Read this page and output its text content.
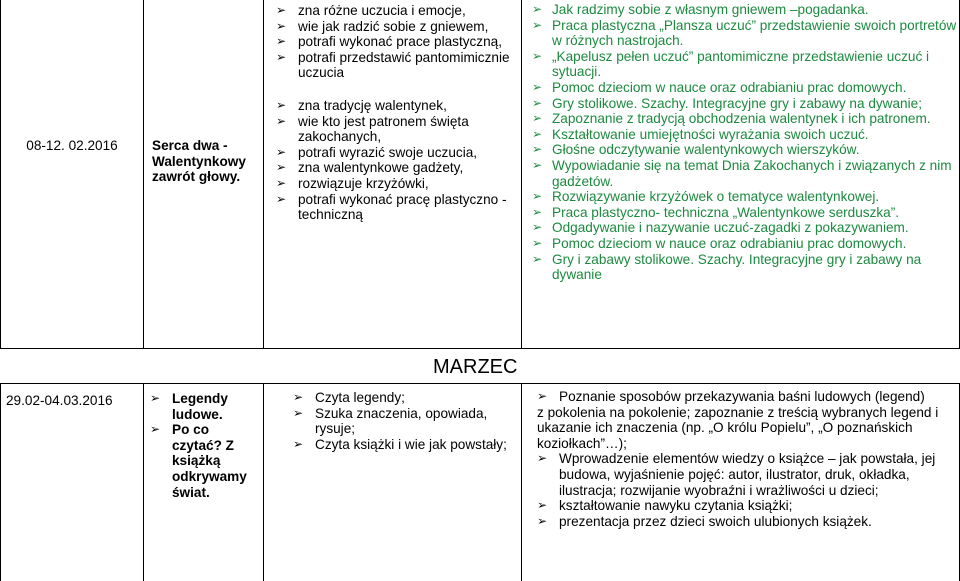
08-12. 02.2016	Serca dwa - Walentynkowy zawrót głowy.
➢ zna różne uczucia i emocje,
➢ wie jak radzić sobie z gniewem,
➢ potrafi wykonać prace plastyczną,
➢ potrafi przedstawić pantomimicznie uczucia
➢ zna tradycję walentynek,
➢ wie kto jest patronem święta zakochanych,
➢ potrafi wyrazić swoje uczucia,
➢ zna walentynkowe gadżety,
➢ rozwiązuje krzyżówki,
➢ potrafi wykonać pracę plastyczno - techniczną
➢ Jak radzimy sobie z własnym gniewem –pogadanka.
➢ Praca plastyczna „Plansza uczuć” przedstawienie swoich portretów w różnych nastrojach.
➢ „Kapelusz pełen uczuć” pantomimiczne przedstawienie uczuć i sytuacji.
➢ Pomoc dzieciom w nauce oraz odrabianiu prac domowych.
➢ Gry stolikowe. Szachy. Integracyjne gry i zabawy na dywanie;
➢ Zapoznanie z tradycją obchodzenia walentynek i ich patronem.
➢ Kształtowanie umiejętności wyrażania swoich uczuć.
➢ Głośne odczytywanie walentynkowych wierszyków.
➢ Wypowiadanie się na temat Dnia Zakochanych i związanych z nim gadżetów.
➢ Rozwiązywanie krzyżówek o tematyce walentynkowej.
➢ Praca plastyczno- techniczna „Walentynkowe serduszka”.
➢ Odgadywanie i nazywanie uczuć-zagadki z pokazywaniem.
➢ Pomoc dzieciom w nauce oraz odrabianiu prac domowych.
➢ Gry i zabawy stolikowe. Szachy. Integracyjne gry i zabawy na dywanie
MARZEC
29.02-04.03.2016	➢ Legendy ludowe.
➢ Po co czytać? Z książką odkrywamy świat.
➢ Czyta legendy;
➢ Szuka znaczenia, opowiada, rysuje;
➢ Czyta książki i wie jak powstały;
➢ Poznanie sposobów przekazywania baśni ludowych (legend)
z pokolenia na pokolenie; zapoznanie z treścią wybranych legend i ukazanie ich znaczenia (np. „O królu Popielu”, „O poznańskich koziołkach”…);
➢ Wprowadzenie elementów wiedzy o książce – jak powstała, jej budowa, wyjaśnienie pojęć: autor, ilustrator, druk, okładka, ilustracja; rozwijanie wyobraźni i wrażliwości u dzieci;
➢ kształtowanie nawyku czytania książki;
➢ prezentacja przez dzieci swoich ulubionych książek.
